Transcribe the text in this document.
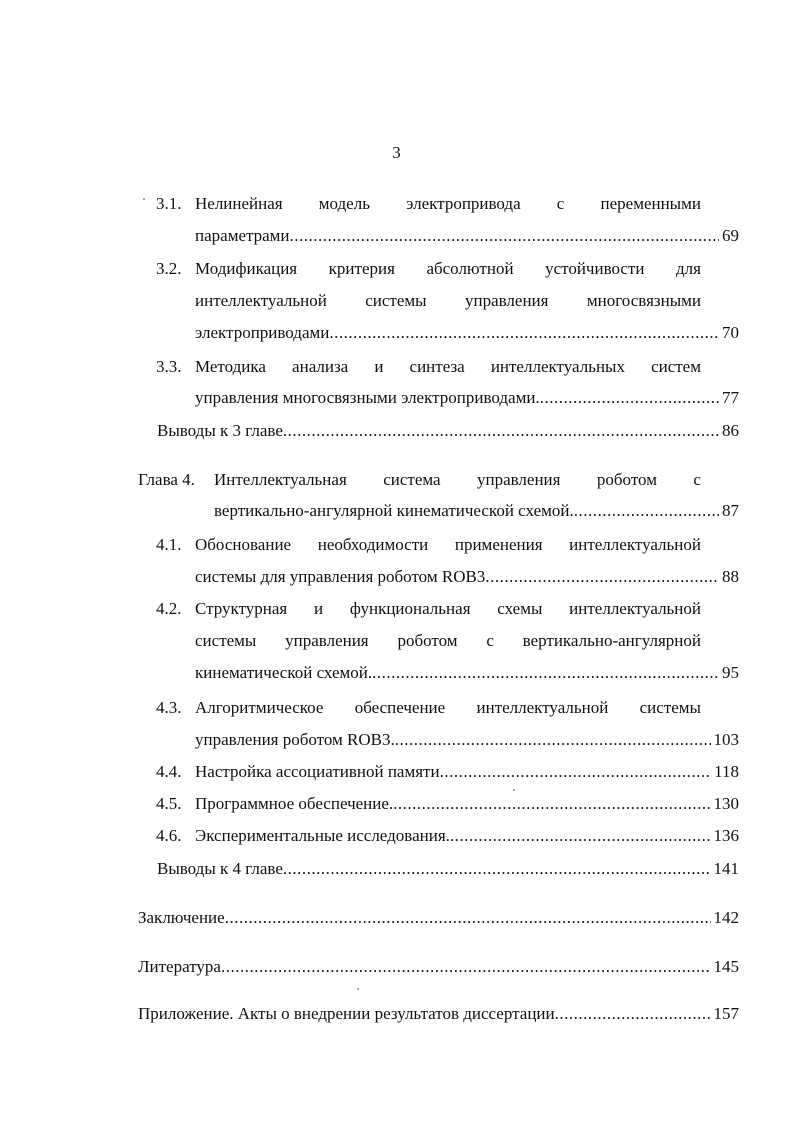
3
3.1. Нелинейная модель электропривода с переменными
параметрами .....	69
3.2. Модификация критерия абсолютной устойчивости для
интеллектуальной системы управления многосвязными
электроприводами .....	70
3.3. Методика анализа и синтеза интеллектуальных систем
управления многосвязными электроприводами. .....	77
Выводы к 3 главе .....	86
Глава 4. Интеллектуальная система управления роботом с
вертикально-ангулярной кинематической схемой. .....	87
4.1. Обоснование необходимости применения интеллектуальной
системы для управления роботом ROB3 .....	88
4.2. Структурная и функциональная схемы интеллектуальной
системы управления роботом с вертикально-ангулярной
кинематической схемой. .....	95
4.3. Алгоритмическое обеспечение интеллектуальной системы
управления роботом ROB3. .....	103
4.4. Настройка ассоциативной памяти .....	118
4.5. Программное обеспечение. .....	130
4.6. Экспериментальные исследования. .....	136
Выводы к 4 главе .....	141
Заключение .....	142
Литература .....	145
Приложение. Акты о внедрении результатов диссертации .....	157
